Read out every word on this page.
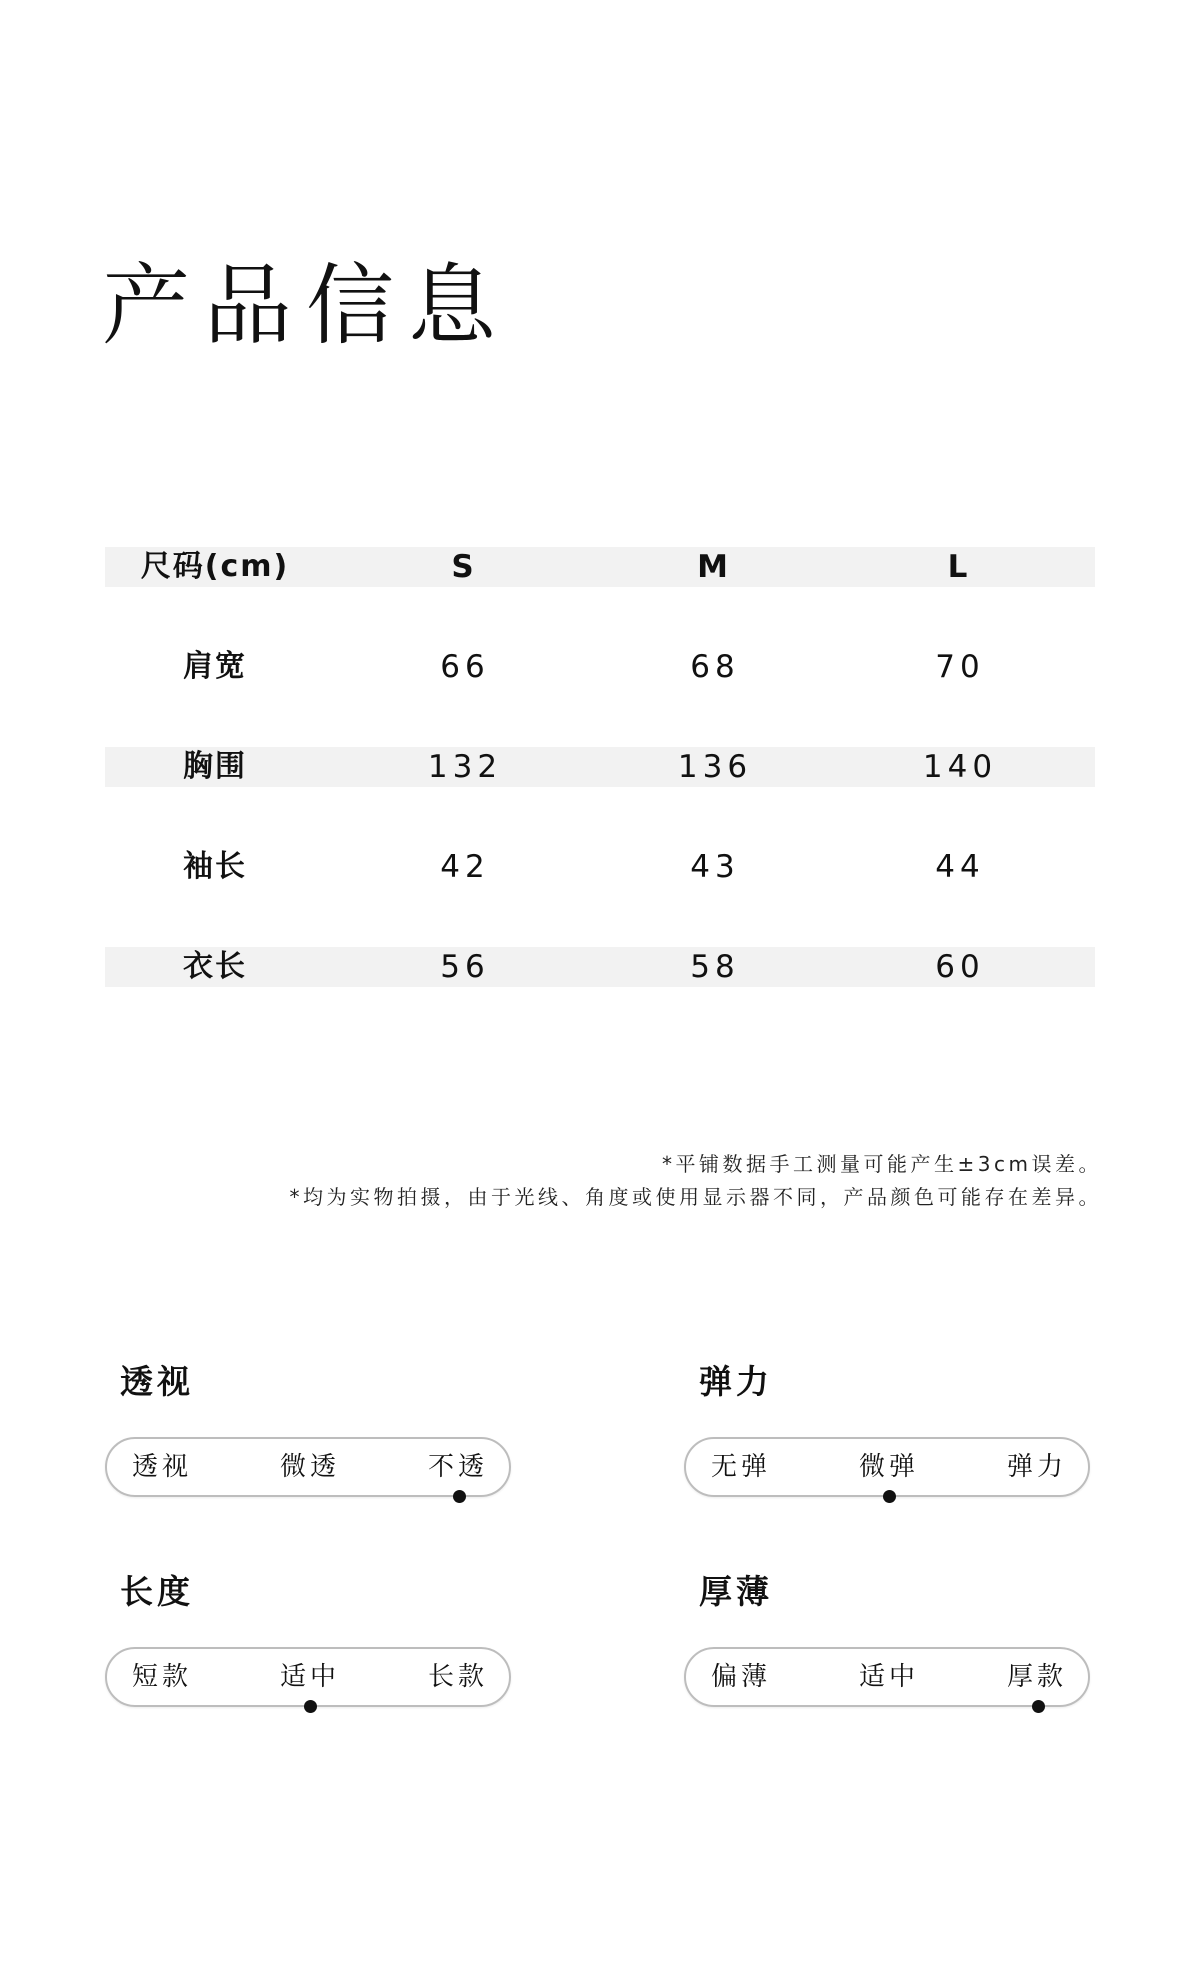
产品信息
尺码(cm)	S	M	L
肩宽	66	68	70
胸围	132	136	140
袖长	42	43	44
衣长	56	58	60
*平铺数据手工测量可能产生±3cm误差。
*均为实物拍摄，由于光线、角度或使用显示器不同，产品颜色可能存在差异。
透视
透视	微透	不透
弹力
无弹	微弹	弹力
长度
短款	适中	长款
厚薄
偏薄	适中	厚款
